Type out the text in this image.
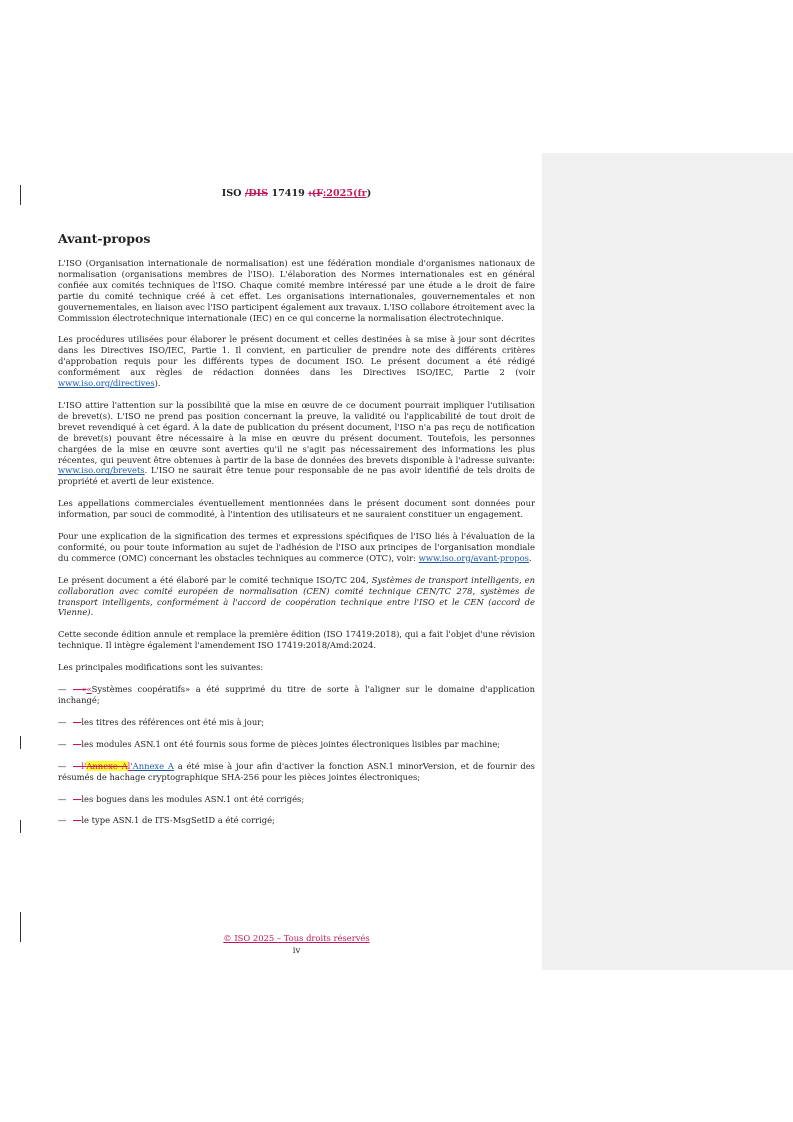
ISO /DIS 17419 :(F:2025(fr)
Avant-propos

L'ISO (Organisation internationale de normalisation) est une fédération mondiale d'organismes nationaux de normalisation (organisations membres de l'ISO). L'élaboration des Normes internationales est en général confiée aux comités techniques de l'ISO. Chaque comité membre intéressé par une étude a le droit de faire partie du comité technique créé à cet effet. Les organisations internationales, gouvernementales et non gouvernementales, en liaison avec l'ISO participent également aux travaux. L'ISO collabore étroitement avec la Commission électrotechnique internationale (IEC) en ce qui concerne la normalisation électrotechnique.

Les procédures utilisées pour élaborer le présent document et celles destinées à sa mise à jour sont décrites dans les Directives ISO/IEC, Partie 1. Il convient, en particulier de prendre note des différents critères d'approbation requis pour les différents types de document ISO. Le présent document a été rédigé conformément aux règles de rédaction données dans les Directives ISO/IEC, Partie 2 (voir www.iso.org/directives).

L'ISO attire l'attention sur la possibilité que la mise en œuvre de ce document pourrait impliquer l'utilisation de brevet(s). L'ISO ne prend pas position concernant la preuve, la validité ou l'applicabilité de tout droit de brevet revendiqué à cet égard. À la date de publication du présent document, l'ISO n'a pas reçu de notification de brevet(s) pouvant être nécessaire à la mise en œuvre du présent document. Toutefois, les personnes chargées de la mise en œuvre sont averties qu'il ne s'agit pas nécessairement des informations les plus récentes, qui peuvent être obtenues à partir de la base de données des brevets disponible à l'adresse suivante: www.iso.org/brevets. L'ISO ne saurait être tenue pour responsable de ne pas avoir identifié de tels droits de propriété et averti de leur existence.

Les appellations commerciales éventuellement mentionnées dans le présent document sont données pour information, par souci de commodité, à l'intention des utilisateurs et ne sauraient constituer un engagement.

Pour une explication de la signification des termes et expressions spécifiques de l'ISO liés à l'évaluation de la conformité, ou pour toute information au sujet de l'adhésion de l'ISO aux principes de l'organisation mondiale du commerce (OMC) concernant les obstacles techniques au commerce (OTC), voir: www.iso.org/avant-propos.

Le présent document a été élaboré par le comité technique ISO/TC 204, Systèmes de transport intelligents, en collaboration avec comité européen de normalisation (CEN) comité technique CEN/TC 278, systèmes de transport intelligents, conformément à l'accord de coopération technique entre l'ISO et le CEN (accord de Vienne).

Cette seconde édition annule et remplace la première édition (ISO 17419:2018), qui a fait l'objet d'une révision technique. Il intègre également l'amendement ISO 17419:2018/Amd:2024.

Les principales modifications sont les suivantes:

— —««Systèmes coopératifs» a été supprimé du titre de sorte à l'aligner sur le domaine d'application inchangé;
— —les titres des références ont été mis à jour;
— —les modules ASN.1 ont été fournis sous forme de pièces jointes électroniques lisibles par machine;
— —l'Annexe Al'Annexe A a été mise à jour afin d'activer la fonction ASN.1 minorVersion, et de fournir des résumés de hachage cryptographique SHA-256 pour les pièces jointes électroniques;
— —les bogues dans les modules ASN.1 ont été corrigés;
— —le type ASN.1 de ITS-MsgSetID a été corrigé;
© ISO 2025 – Tous droits réservés
iv
